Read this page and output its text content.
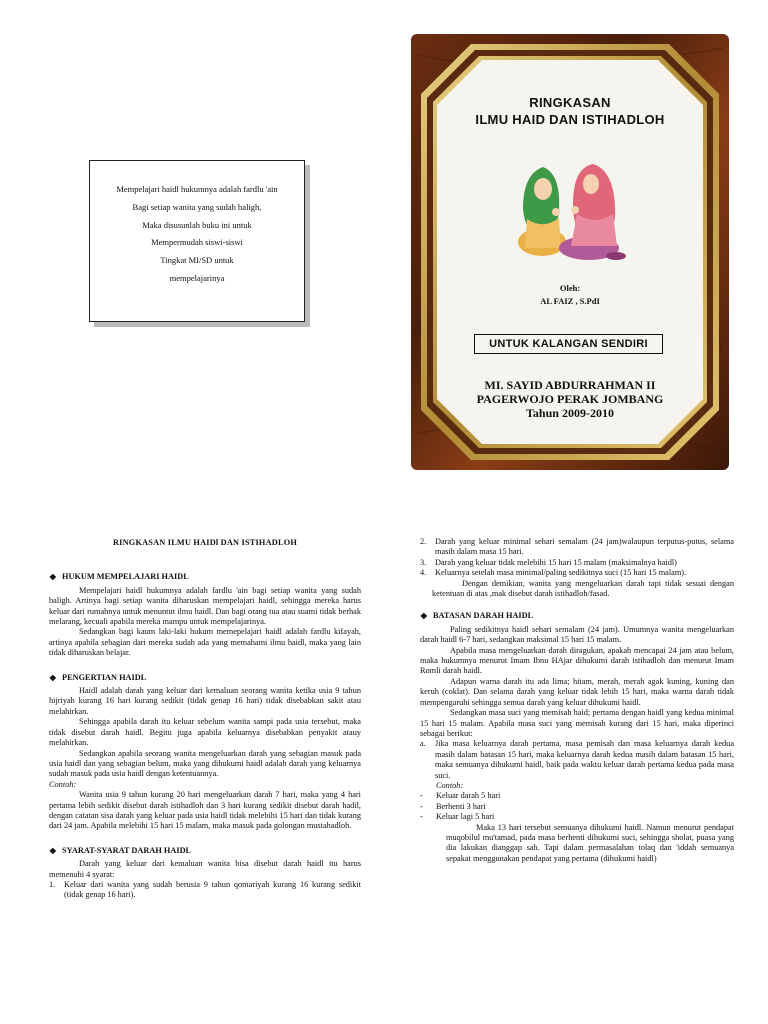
Mempelajari haidl hukumnya adalah fardlu 'ain

Bagi setiap wanita yang sudah baligh,

Maka disusunlah buku ini untuk

Mempermudah siswi-siswi

Tingkat MI/SD untuk

mempelajarinya

RINGKASAN
ILMU HAID DAN ISTIHADLOH
Oleh:
AL FAIZ , S.PdI
UNTUK KALANGAN SENDIRI
MI. SAYID ABDURRAHMAN II
PAGERWOJO PERAK JOMBANG
Tahun 2009-2010
RINGKASAN ILMU HAIDl DAN ISTIHADLOH
❖ HUKUM MEMPELAJARI HAIDL

Mempelajari haidl hukumnya adalah fardlu 'ain bagi setiap wanita yang sudah baligh. Artinya bagi setiap wanita diharuskan mempelajari haidl, sehingga mereka harus keluar dari rumahnya untuk menuntut ilmu haidl. Dan bagi orang tua atau suami tidak berhak melarang, kecuali apabila mereka mampu untuk mempelajarinya.

Sedangkan bagi kaum laki-laki hukum memepelajari haidl adalah fardlu kifayah, artinya apabila sebagian dari mereka sudah ada yang memahami ilmu haidl, maka yang lain tidak diharuskan belajar.

❖ PENGERTIAN HAIDL

Haidl adalah darah yang keluar dari kemaluan seorang wanita ketika usia 9 tahun hijriyah kurang 16 hari kurang sedikit (tidak genap 16 hari) tidak disebabkan sakit atau melahirkan.

Sehingga apabila darah itu keluar sebelum wanita sampi pada usia tersebut, maka tidak disebut darah haidl. Begitu juga apabila keluarnya disebabkan penyakit atauy melahirkan.

Sedangkan apabila seorang wanita mengeluarkan darah yang sebagian masuk pada usia haidl dan yang sebagian belum, maka yang dihukumi haidl adalah darah yang keluarnya sudah masuk pada usia haidl dengan ketentuannya.

Contoh:

Wanita usia 9 tahun kurang 20 hari mengeluarkan darah 7 hari, maka yang 4 hari pertama lebih sedikit disebut darah istihadloh dan 3 hari kurang sedikit disebut darah hadil, dengan catatan sisa darah yang keluar pada usia haidl tidak melebihi 15 hari dan tidak kurang dari 24 jam. Apabila melebihi 15 hari 15 malam, maka masuk pada golongan mustahadloh.

❖ SYARAT-SYARAT DARAH HAIDL

Darah yang keluar dari kemaluan wanita bisa disebut darah haidl itu harus memenuhi 4 syarat:

1. Keluar dari wanita yang sudah berusia 9 tahun qomariyah kurang 16 kurang sedikit (tidak genap 16 hari).
2. Darah yang keluar minimal sehari semalam (24 jam)walaupun terputus-putus, selama masih dalam masa 15 hari.
3. Darah yang keluar tidak melebihi 15 hari 15 malam (maksimalnya haidl)
4. Keluarnya setelah masa minimal/paling sedikitnya suci (15 hari 15 malam).

Dengan demikian, wanita yang mengeluarkan darah tapi tidak sesuai dengan ketentuan di atas ,mak disebut darah istihadloh/fasad.

❖ BATASAN DARAH HAIDL

Paling sedikitnya haidl sehari semalam (24 jam). Umumnya wanita mengeluarkan darah haidl 6-7 hari, sedangkan maksimal 15 hari 15 malam.

Apabila masa mengeluarkan darah diragukan, apakah mencapai 24 jam atau belum, maka hukumnya menurut Imam Ibnu HAjar dihukumi darah istihadloh dan menurut Imam Romli darah haidl.

Adapun warna darah itu ada lima; hitam, merah, merah agak kuning, kuning dan keruh (coklat). Dan selama darah yang keluar tidak lebih 15 hari, maka warna darah tidak mempengaruhi sehingga semua darah yang keluar dihukumi haidl.

Sedangkan masa suci yang memisah haid; pertama dengan haidl yang kedua minimal 15 hari 15 malam. Apabila masa suci yang memisah kurang dari 15 hari, maka diperinci sebagai berikut:

a. Jika masa keluarnya darah pertama, masa pemisah dan masa keluarnya darah kedua masih dalam batasan 15 hari, maka keluarnya darah kedua masih dalam batasan 15 hari, maka semuanya dihukumi haidl, baik pada waktu keluar darah pertama kedua pada masa suci.

Contoh:

- Keluar darah 5 hari
- Berhenti 3 hari
- Keluar lagi 5 hari

Maka 13 hari tersebut semuanya dihukumi haidl. Namun menurut pendapat muqobilul mu'tamad, pada masa berhenti dihukumi suci, sehingga sholat, puasa yang dia lakukan dianggap sah. Tapi dalam permasalahan tolaq dan 'iddah semuanya sepakat menggunakan pendapat yang pertama (dihukumi haidl)
